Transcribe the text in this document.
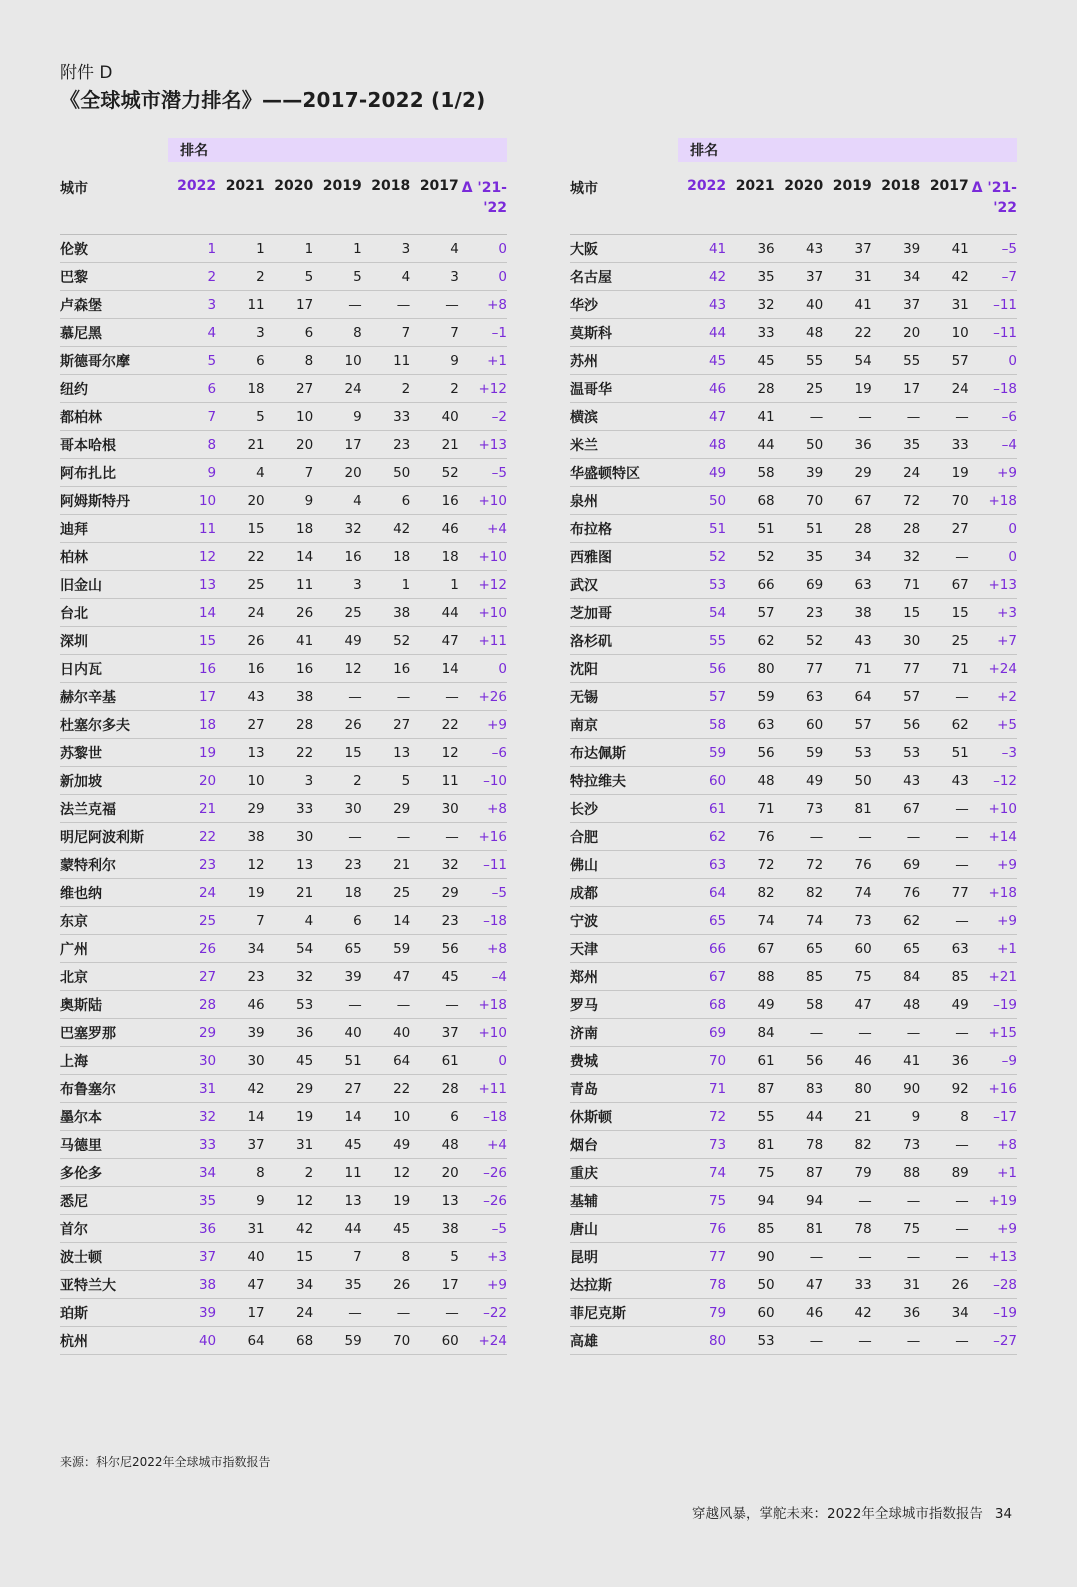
附件 D
《全球城市潜力排名》——2017-2022 (1/2)
	排名						
城市	2022	2021	2020	2019	2018	2017	Δ '21-
'22
伦敦	1	1	1	1	3	4	0
巴黎	2	2	5	5	4	3	0
卢森堡	3	11	17	—	—	—	+8
慕尼黑	4	3	6	8	7	7	–1
斯德哥尔摩	5	6	8	10	11	9	+1
纽约	6	18	27	24	2	2	+12
都柏林	7	5	10	9	33	40	–2
哥本哈根	8	21	20	17	23	21	+13
阿布扎比	9	4	7	20	50	52	–5
阿姆斯特丹	10	20	9	4	6	16	+10
迪拜	11	15	18	32	42	46	+4
柏林	12	22	14	16	18	18	+10
旧金山	13	25	11	3	1	1	+12
台北	14	24	26	25	38	44	+10
深圳	15	26	41	49	52	47	+11
日内瓦	16	16	16	12	16	14	0
赫尔辛基	17	43	38	—	—	—	+26
杜塞尔多夫	18	27	28	26	27	22	+9
苏黎世	19	13	22	15	13	12	–6
新加坡	20	10	3	2	5	11	–10
法兰克福	21	29	33	30	29	30	+8
明尼阿波利斯	22	38	30	—	—	—	+16
蒙特利尔	23	12	13	23	21	32	–11
维也纳	24	19	21	18	25	29	–5
东京	25	7	4	6	14	23	–18
广州	26	34	54	65	59	56	+8
北京	27	23	32	39	47	45	–4
奥斯陆	28	46	53	—	—	—	+18
巴塞罗那	29	39	36	40	40	37	+10
上海	30	30	45	51	64	61	0
布鲁塞尔	31	42	29	27	22	28	+11
墨尔本	32	14	19	14	10	6	–18
马德里	33	37	31	45	49	48	+4
多伦多	34	8	2	11	12	20	–26
悉尼	35	9	12	13	19	13	–26
首尔	36	31	42	44	45	38	–5
波士顿	37	40	15	7	8	5	+3
亚特兰大	38	47	34	35	26	17	+9
珀斯	39	17	24	—	—	—	–22
杭州	40	64	68	59	70	60	+24
	排名						
城市	2022	2021	2020	2019	2018	2017	Δ '21-
'22
大阪	41	36	43	37	39	41	–5
名古屋	42	35	37	31	34	42	–7
华沙	43	32	40	41	37	31	–11
莫斯科	44	33	48	22	20	10	–11
苏州	45	45	55	54	55	57	0
温哥华	46	28	25	19	17	24	–18
横滨	47	41	—	—	—	—	–6
米兰	48	44	50	36	35	33	–4
华盛顿特区	49	58	39	29	24	19	+9
泉州	50	68	70	67	72	70	+18
布拉格	51	51	51	28	28	27	0
西雅图	52	52	35	34	32	—	0
武汉	53	66	69	63	71	67	+13
芝加哥	54	57	23	38	15	15	+3
洛杉矶	55	62	52	43	30	25	+7
沈阳	56	80	77	71	77	71	+24
无锡	57	59	63	64	57	—	+2
南京	58	63	60	57	56	62	+5
布达佩斯	59	56	59	53	53	51	–3
特拉维夫	60	48	49	50	43	43	–12
长沙	61	71	73	81	67	—	+10
合肥	62	76	—	—	—	—	+14
佛山	63	72	72	76	69	—	+9
成都	64	82	82	74	76	77	+18
宁波	65	74	74	73	62	—	+9
天津	66	67	65	60	65	63	+1
郑州	67	88	85	75	84	85	+21
罗马	68	49	58	47	48	49	–19
济南	69	84	—	—	—	—	+15
费城	70	61	56	46	41	36	–9
青岛	71	87	83	80	90	92	+16
休斯顿	72	55	44	21	9	8	–17
烟台	73	81	78	82	73	—	+8
重庆	74	75	87	79	88	89	+1
基辅	75	94	94	—	—	—	+19
唐山	76	85	81	78	75	—	+9
昆明	77	90	—	—	—	—	+13
达拉斯	78	50	47	33	31	26	–28
菲尼克斯	79	60	46	42	36	34	–19
高雄	80	53	—	—	—	—	–27
来源：科尔尼2022年全球城市指数报告
穿越风暴，掌舵未来：2022年全球城市指数报告 34
